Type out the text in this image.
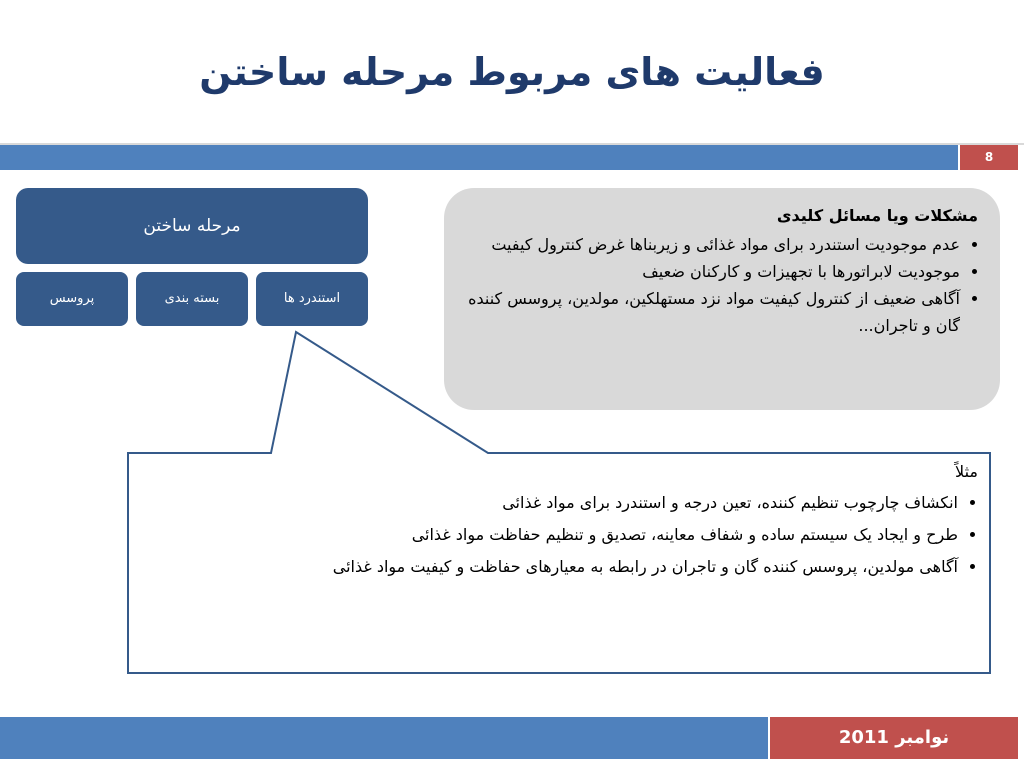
فعالیت های مربوط مرحله ساختن
8
مرحله ساختن
استندرد ها
بسته بندی
پروسس
مشکلات ویا مسائل کلیدی
• عدم موجودیت استندرد برای مواد غذائی و زیربناها غرض کنترول کیفیت
• موجودیت لابراتورها با تجهیزات و کارکنان ضعیف
• آگاهی ضعیف از کنترول کیفیت مواد نزد مستهلکین، مولدین، پروسس کننده گان و تاجران...
مثلاً
• انکشاف چارچوب تنظیم کننده، تعین درجه و استندرد برای مواد غذائی
• طرح و ایجاد یک سیستم ساده و شفاف معاینه، تصدیق و تنظیم حفاظت مواد غذائی
• آگاهی مولدین، پروسس کننده گان و تاجران در رابطه به معیارهای حفاظت و کیفیت مواد غذائی
نوامبر 2011
